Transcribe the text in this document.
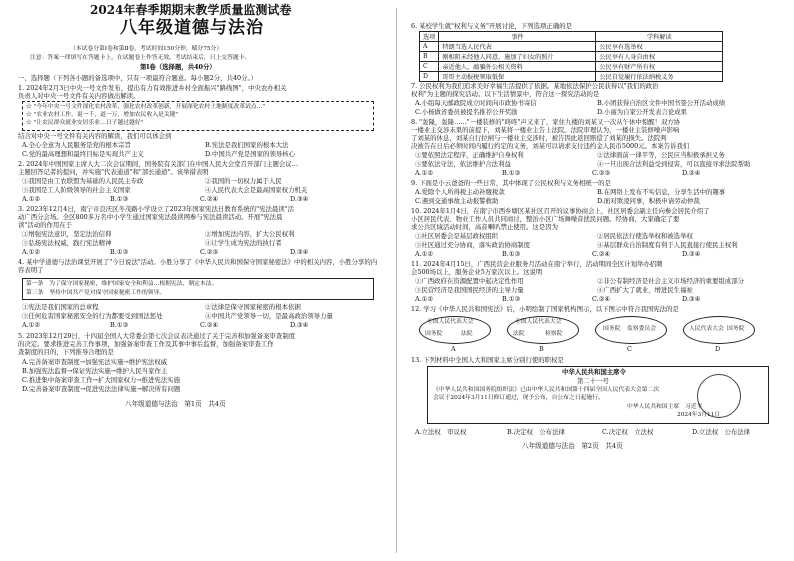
2024年春季期期末教学质量监测试卷
八年级道德与法治
（本试卷分第Ⅰ卷和第Ⅱ卷，考试时间150分钟，赋分75分）
注意：答案一律填写在答题卡上，在试题卷上作答无效。考试结束后，只上交答题卡。
第Ⅰ卷（选择题，共40分）
一、选择题（下列各小题的备选项中，只有一项最符合题意。每小题2分，共40分。）
1. 2024年2月3日中央一号文件发布，提出有力有效推进乡村全面振兴"路线图"，中央农办相关
负责人对中央一号文件有关内容做出解读。
☆ "今年中央一号文件深化农村改革，强化农村改革创新，开展深化农村土地制度改革试点…"
☆ "农业农村工作，说一千，道一万，增加农民收入是关键"
☆ "让农民群众就业安居乐业…日子越过越好"
结合对中央一号文件有关内容的解读，我们可以体会到
A.全心全意为人民服务是党的根本宗旨	B.宪法是我们国家的根本大法
C.党的最高理想和最终目标是实现共产主义	D.中国共产党是国家的领导核心
2. 2024年中国国家主席人大二次会议期间，国务院有关部门在中国人民大会堂召开部门主题会议…
主题回答记者的提问，并实施"代表通道"和"部长通道"。该举措表明
①我国是由工农联盟为基础的人民民主专政	②我国的一切权力属于人民
③我国是工人阶级领导的社会主义国家	④人民代表大会是最高国家权力机关
A.①②	B.①③	C.②④	D.③④
3. 2023年12月4日，南宁市良庆区冬茂路小学设立了2023年国家宪法日教育系统的"宪法晨读"活
动广西分会场。全区800多万名中小学生通过国家宪法晨读网参与宪法晨读活动。开展"宪法晨
读"活动的作用在于
①增强宪法意识，坚定法治信仰	②增加宪法内容，扩大公民权利
③弘扬宪法权威，践行宪法精神	④让学生成为宪法的执行者
A.①②	B.①③	C.②③	D.③④
4. 某中学道德与法治课堂开展了"今日说法"活动。小胜分享了《中华人民共和国保守国家秘密法》中的相关内容，小胜分享的内容表明了
第一条　为了保守国家秘密，维护国家安全和利益…根据宪法，制定本法。
第三条　坚持中国共产党对保守国家秘密工作的领导。
①宪法是我们国家的总章程	②法律是保守国家秘密的根本依据
③任何危害国家秘密安全的行为都要受到国法惩处	④中国共产党领导一切，是最高政治领导力量
A.①②	B.①③	C.②④	D.③④
5. 2023年12月29日，十四届全国人大常委会第七次会议表决通过了关于完善和加强备案审查制度
的决定。要求推进完善工作事项，加强备案审查工作及其事中事后监督，加强备案审查工作
查制度的目的，下列推导合理的是
A.完善备案审查制度→加强宪法实施→维护宪法权威
B.加强宪法监督→保证宪法实施→维护人民当家作主
C.推进集中备案审查工作→扩大国家权力→推进宪法实施
D.完善备案审查制度→促进宪法法律实施→解决所有问题
八年级道德与法治　第1页　共4页
6. 某校学生就"权利与义务"开展讨论，下列选项正确的是
选项	事件	学科解读
A	特朗当选人民代表	公民享有选举权
B	刚相阻未经他人同意，施加了妇女的照片	公民享有人身自由权
C	亲近他人，敲骗外公相关资料	公民享有财产所有权
D	哥哥主动报税领取低保	公民自觉履行依法纳税义务
7. 公民权利为我们追求美好幸福生活提供了依据。某地依法保护公民获得以"我们的政治
权利"为主题的探究活动。以下生活情景中，符合这一探究活动的是
A.小组每天邮政院成立时间向市政协书寄信	B.小团获得自治区文件中国书签公开活动成绩
C.小杨做省委员被提名推荐公开奖励	D.小丽为自家公开发表言论成果
8. "轰隆，轰隆……"一楼装修的"咚咚"声又来了，家住九楼的刘某又一次从午休中惊醒！双方协
一楼业主交涉未果的前提下，刘某将一楼业主告上法院。法院审理认为，一楼业主装修噪声影响
了刘某的休息，刘某自行拉闸与一楼业主交涉时，被告因此返回赔偿了刘某的损失。法院判
决被告在日后必须时间内履行约定的义务，刘某可以请求支付违约金人民币5000元。本案告诉我们
①要依照法定程序，正确维护自身权利	②法律面前一律平等，公民应当积极承担义务
③要依法守法，依法维护合法利益	④一旦出现合法利益受到侵害，可以直接寻求法院帮助
A.①②	B.①③	C.②③	D.②④
9. 下面是小云爸爸的一些日常，其中体现了公民权利与义务相统一的是
A.爱除个人所得税主动补缴税款	B.在网络上发布不实信息，分享生活中的趣事
C.遇到交通事故主动报警救助	D.面对欺凌同事，积极申请劳动仲裁
10. 2024年1月4日，在南宁市西乡塘区某社区召开的议事协商会上，社区居委会副主任向参会居民介绍了
小区居民代表、物业工作人员共同商讨，整治小区广场舞噪音扰民问题。经协商，大家确定了要
求公共区域活动时间，高音喇叭禁止使用。这是因为
①社区居委会是基层政权组织	②居民依法行使选举权和被选举权
③社区通过充分协商，落实政治协商制度	④基层群众自治制度有利于人民直接行使民主权利
A.①②	B.①③	C.②④	D.③④
11. 2024年4月15日，广西民营企业服务月活动在南宁举行，活动期间全区计划举办招聘
会500场以上，服务企业5万家次以上。这说明
①广西政府在资源配置中起决定性作用	②非公有制经济是社会主义市场经济的重要组成部分
③民营经济是我国国民经济的主导力量	④广西扩大了就业，增进民生福祉
A.①②	B.①③	C.②④	D.③④
12. 学习《中华人民共和国宪法》后，小明绘制了国家机构图示，以下图示中符合我国宪法的是
全国人民代表大会
国务院	法院
A
全国人民代表大会
法院	检察院
B
国务院 监察委员会
C
人民代表大会 国务院
D
13. 下列材料中全国人大和国家主席分别行使的职权是
中华人民共和国主席令
第二十一号
《中华人民共和国国务院组织法》已由中华人民共和国第十四届全国人民代表大会第二次
会议于2024年3月11日修订通过，现予公布，自公布之日起施行。
中华人民共和国主席　习近平
2024年3月11日
A.立法权　审议权	B.决定权　公布法律	C.决定权　立法权	D.立法权　公布法律
八年级道德与法治　第2页　共4页
